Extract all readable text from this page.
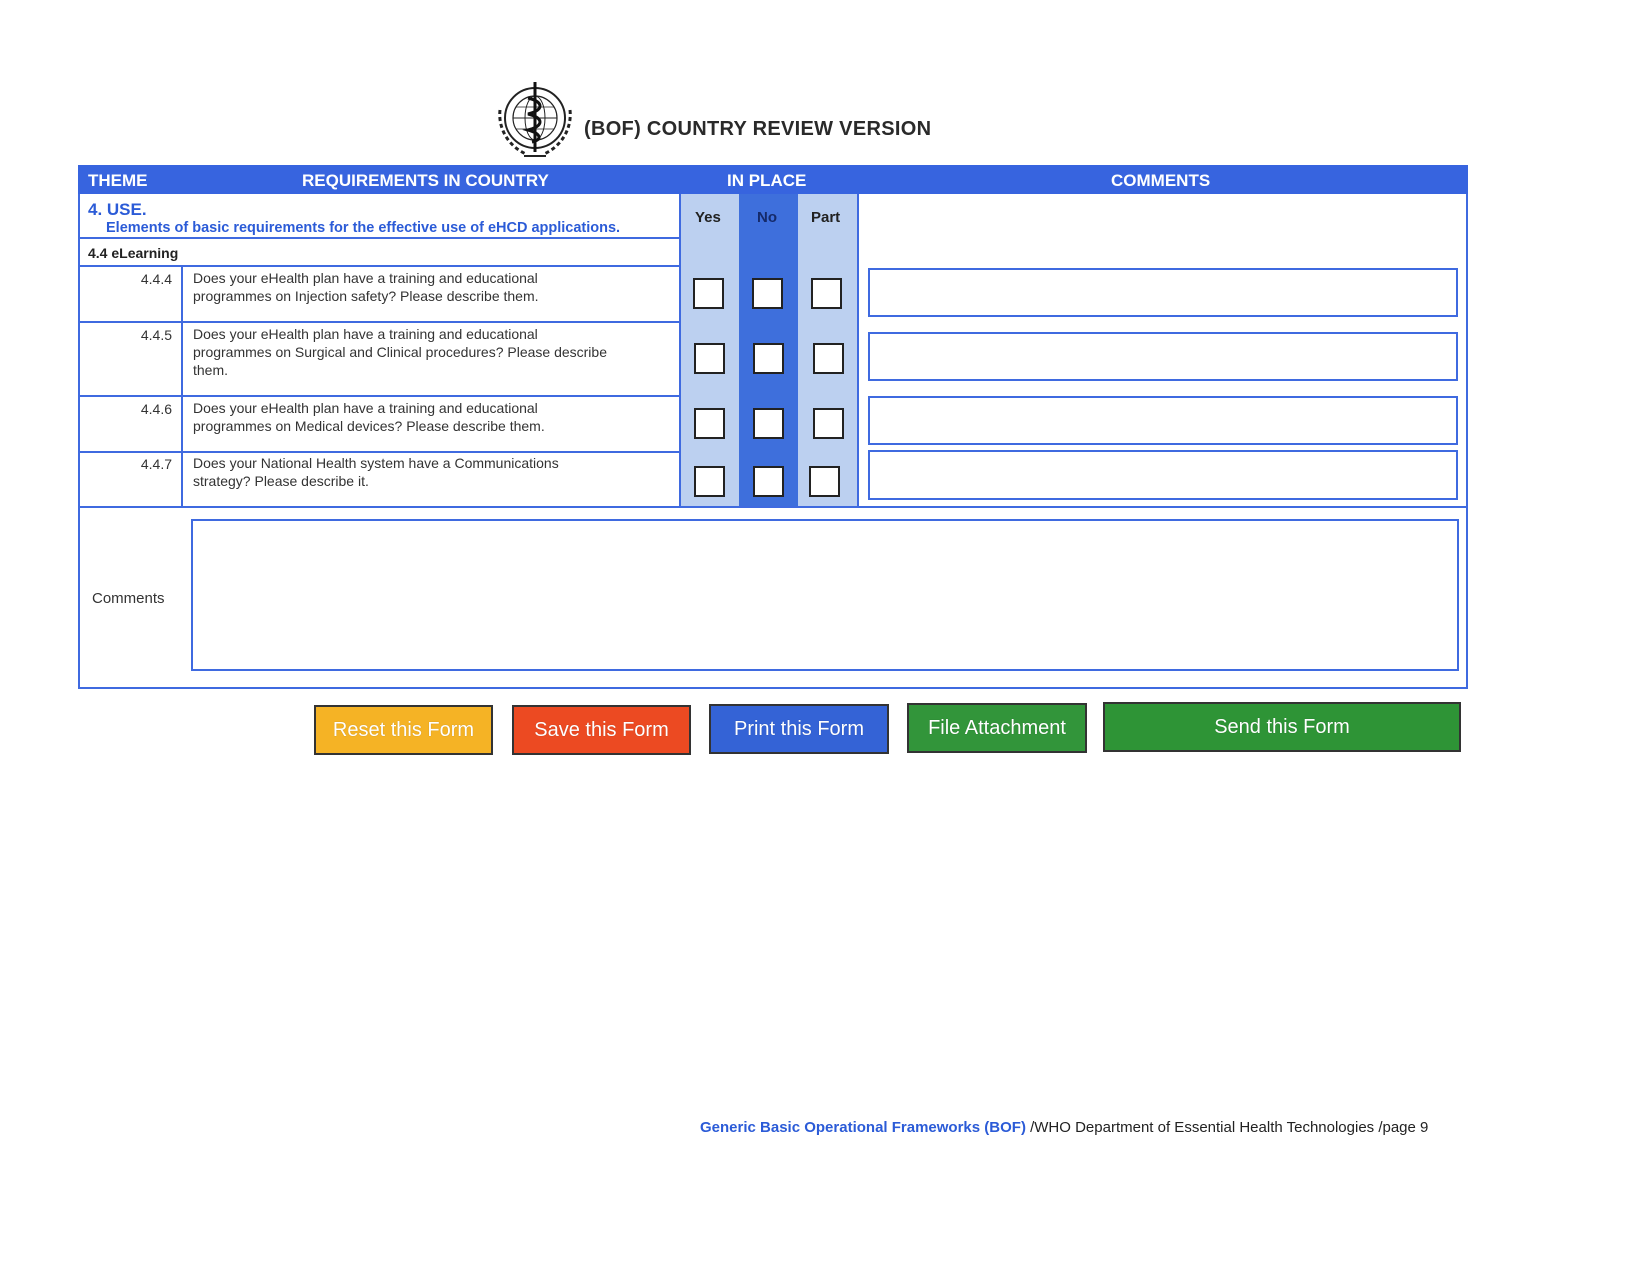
(BOF) COUNTRY REVIEW VERSION
THEME	REQUIREMENTS IN COUNTRY	IN PLACE	COMMENTS
Yes No Part
4. USE.
Elements of basic requirements for the effective use of eHCD applications.
4.4 eLearning
4.4.4 Does your eHealth plan have a training and educational
programmes on Injection safety? Please describe them.
4.4.5 Does your eHealth plan have a training and educational
programmes on Surgical and Clinical procedures? Please describe
them.
4.4.6 Does your eHealth plan have a training and educational
programmes on Medical devices? Please describe them.
4.4.7 Does your National Health system have a Communications
strategy? Please describe it.
Comments
Reset this Form	Save this Form	Print this Form	File Attachment	Send this Form
Generic Basic Operational Frameworks (BOF) /WHO Department of Essential Health Technologies /page 9
